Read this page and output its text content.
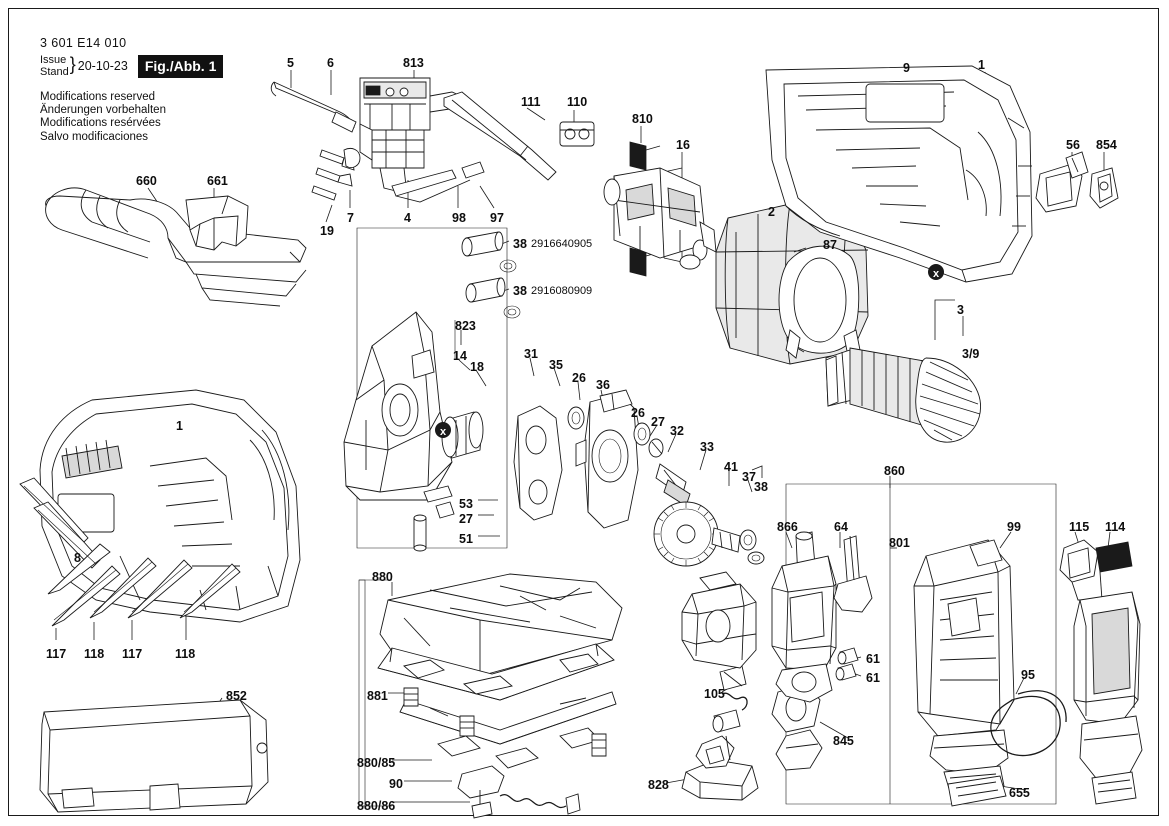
3 601 E14 010
Issue
Stand } 20-10-23	Fig./Abb. 1
Modifications reserved
Änderungen vorbehalten
Modifications resérvées
Salvo modificaciones
x
x
5	6	813
111 110
810
16
9	1
56 854
660	661
19
7	4	98 97	2
87
3
3/9
38 2916640905
38 2916080909
823
14
18
31
35
26 36
26
27
32
33
41
37
38
1
8
53
27
51
117 118 117	118
852
880
881
880/85
90
880/86
828
105
845
866	64
860
801
99
61
61
655
95
115 114
